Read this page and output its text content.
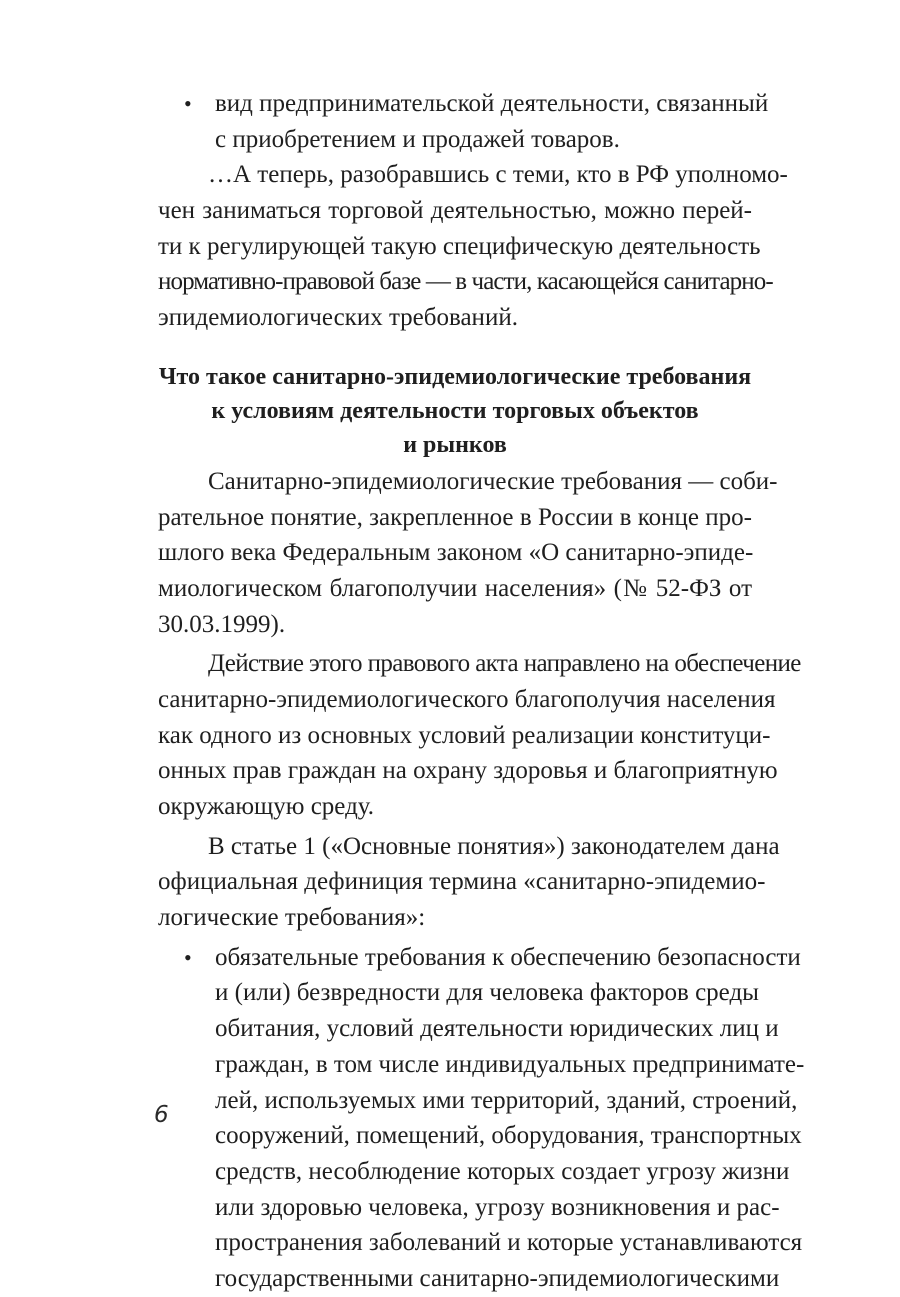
• вид предпринимательской деятельности, связанный
с приобретением и продажей товаров.
…А теперь, разобравшись с теми, кто в РФ уполномо-
чен заниматься торговой деятельностью, можно перей-
ти к регулирующей такую специфическую деятельность
нормативно-правовой базе — в части, касающейся санитарно-
эпидемиологических требований.
Что такое санитарно-эпидемиологические требования
к условиям деятельности торговых объектов
и рынков
Санитарно-эпидемиологические требования — соби-
рательное понятие, закрепленное в России в конце про-
шлого века Федеральным законом «О санитарно-эпиде-
миологическом благополучии населения» (№ 52-ФЗ от
30.03.1999).
Действие этого правового акта направлено на обеспечение
санитарно-эпидемиологического благополучия населения
как одного из основных условий реализации конституци-
онных прав граждан на охрану здоровья и благоприятную
окружающую среду.
В статье 1 («Основные понятия») законодателем дана
официальная дефиниция термина «санитарно-эпидемио-
логические требования»:
• обязательные требования к обеспечению безопасности
и (или) безвредности для человека факторов среды
обитания, условий деятельности юридических лиц и
граждан, в том числе индивидуальных предпринимате-
лей, используемых ими территорий, зданий, строений,
сооружений, помещений, оборудования, транспортных
средств, несоблюдение которых создает угрозу жизни
или здоровью человека, угрозу возникновения и рас-
пространения заболеваний и которые устанавливаются
государственными санитарно-эпидемиологическими
6
